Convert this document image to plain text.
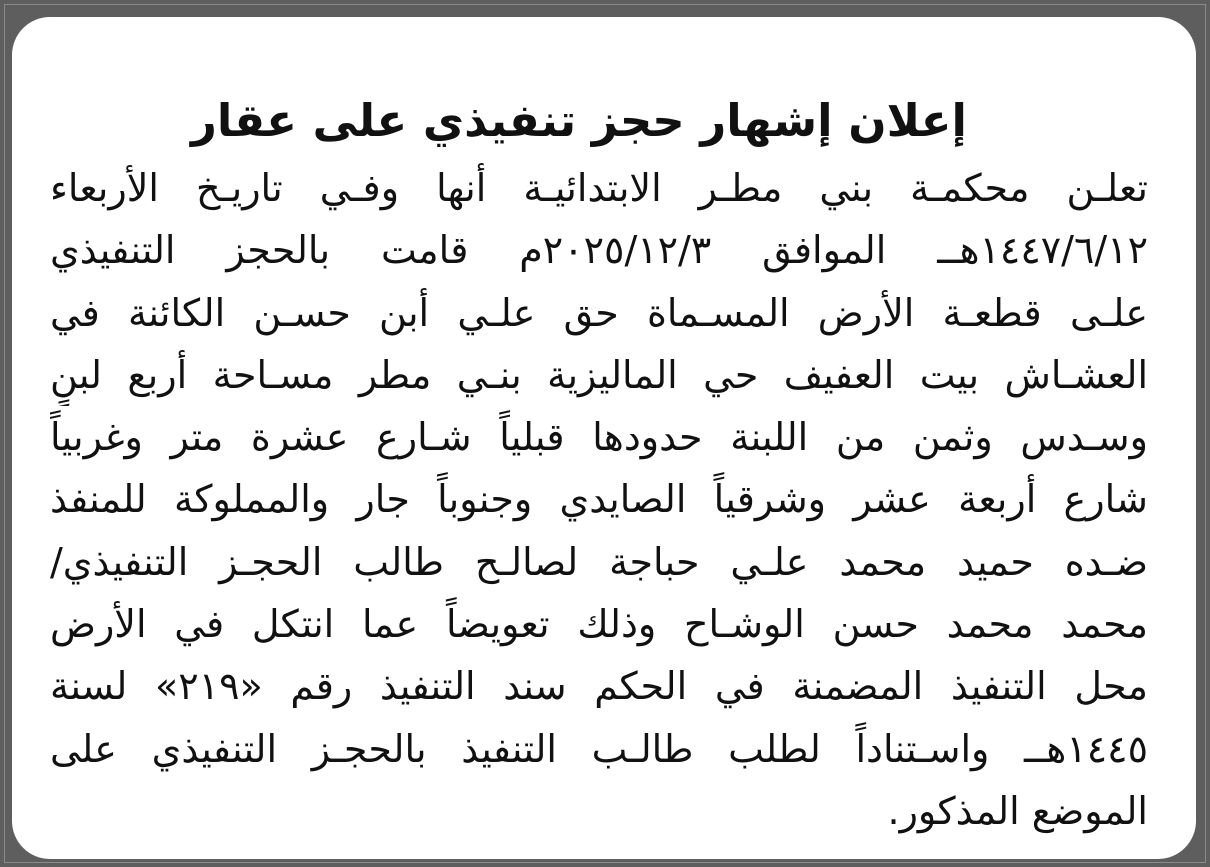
إعلان إشهار حجز تنفيذي على عقار
تعلـن محكمـة بني مطـر الابتدائيـة أنها وفـي تاريـخ الأربعاء
١٤٤٧/٦/١٢هــ الموافق ٢٠٢٥/١٢/٣م قامت بالحجز التنفيذي
علـى قطعـة الأرض المسـماة حق علـي أبن حسـن الكائنة في
العشـاش بيت العفيف حي الماليزية بنـي مطر مسـاحة أربع لبنٍ
وسـدس وثمن من اللبنة حدودها قبلياً شـارع عشرة متر وغربياً
شارع أربعة عشر وشرقياً الصايدي وجنوباً جار والمملوكة للمنفذ
ضـده حميد محمد علـي حباجة لصالـح طالب الحجـز التنفيذي/
محمد محمد حسن الوشـاح وذلك تعويضاً عما انتكل في الأرض
محل التنفيذ المضمنة في الحكم سند التنفيذ رقم «٢١٩» لسنة
١٤٤٥هــ واسـتناداً لطلب طالـب التنفيذ بالحجـز التنفيذي على
الموضع المذكور.
